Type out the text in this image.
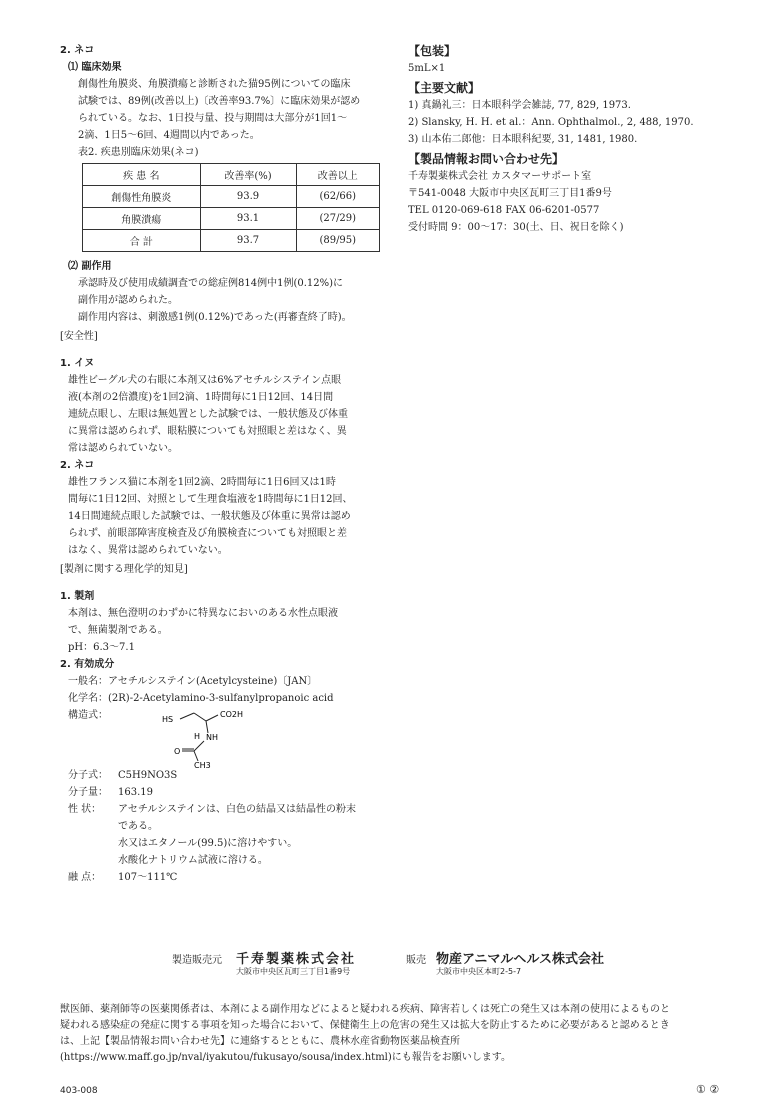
2. ネコ

⑴ 臨床効果

創傷性角膜炎、角膜潰瘍と診断された猫95例についての臨床

試験では、89例(改善以上)〔改善率93.7%〕に臨床効果が認め

られている。なお、1日投与量、投与期間は大部分が1回1～

2滴、1日5～6回、4週間以内であった。

表2. 疾患別臨床効果(ネコ)

疾 患 名	改善率(%)	改善以上
創傷性角膜炎	93.9	(62/66)
角膜潰瘍	93.1	(27/29)
合 計	93.7	(89/95)

⑵ 副作用

承認時及び使用成績調査での総症例814例中1例(0.12%)に

副作用が認められた。

副作用内容は、刺激感1例(0.12%)であった(再審査終了時)。

[安全性]

1. イヌ

雄性ビーグル犬の右眼に本剤又は6%アセチルシステイン点眼

液(本剤の2倍濃度)を1回2滴、1時間毎に1日12回、14日間

連続点眼し、左眼は無処置とした試験では、一般状態及び体重

に異常は認められず、眼粘膜についても対照眼と差はなく、異

常は認められていない。

2. ネコ

雄性フランス猫に本剤を1回2滴、2時間毎に1日6回又は1時

間毎に1日12回、対照として生理食塩液を1時間毎に1日12回、

14日間連続点眼した試験では、一般状態及び体重に異常は認め

られず、前眼部障害度検査及び角膜検査についても対照眼と差

はなく、異常は認められていない。

[製剤に関する理化学的知見]

1. 製剤

本剤は、無色澄明のわずかに特異なにおいのある水性点眼液

で、無菌製剤である。

pH：6.3～7.1

2. 有効成分

一般名：アセチルシステイン(Acetylcysteine)〔JAN〕

化学名：(2R)-2-Acetylamino-3-sulfanylpropanoic acid

構造式：	HS
CO2H
H NH
O
CH3
分子式：	C5H9NO3S
分子量：	163.19
性 状：	アセチルシステインは、白色の結晶又は結晶性の粉末

である。

水又はエタノール(99.5)に溶けやすい。

水酸化ナトリウム試液に溶ける。

融 点：	107～111℃

【包装】

5mL×1

【主要文献】

1) 真鍋礼三：日本眼科学会雑誌, 77, 829, 1973.

2) Slansky, H. H. et al.：Ann. Ophthalmol., 2, 488, 1970.

3) 山本佑二郎他：日本眼科紀要, 31, 1481, 1980.

【製品情報お問い合わせ先】

千寿製薬株式会社 カスタマーサポート室

〒541-0048 大阪市中央区瓦町三丁目1番9号

TEL 0120-069-618 FAX 06-6201-0577

受付時間 9：00～17：30(土、日、祝日を除く)

製造販売元 千寿製薬株式会社
大阪市中央区瓦町三丁目1番9号
販売 物産アニマルヘルス株式会社
大阪市中央区本町2-5-7
獣医師、薬剤師等の医薬関係者は、本剤による副作用などによると疑われる疾病、障害若しくは死亡の発生又は本剤の使用によるものと
疑われる感染症の発症に関する事項を知った場合において、保健衛生上の危害の発生又は拡大を防止するために必要があると認めるとき
は、上記【製品情報お問い合わせ先】に連絡するとともに、農林水産省動物医薬品検査所
(https://www.maff.go.jp/nval/iyakutou/fukusayo/sousa/index.html)にも報告をお願いします。
403-008	① ②
